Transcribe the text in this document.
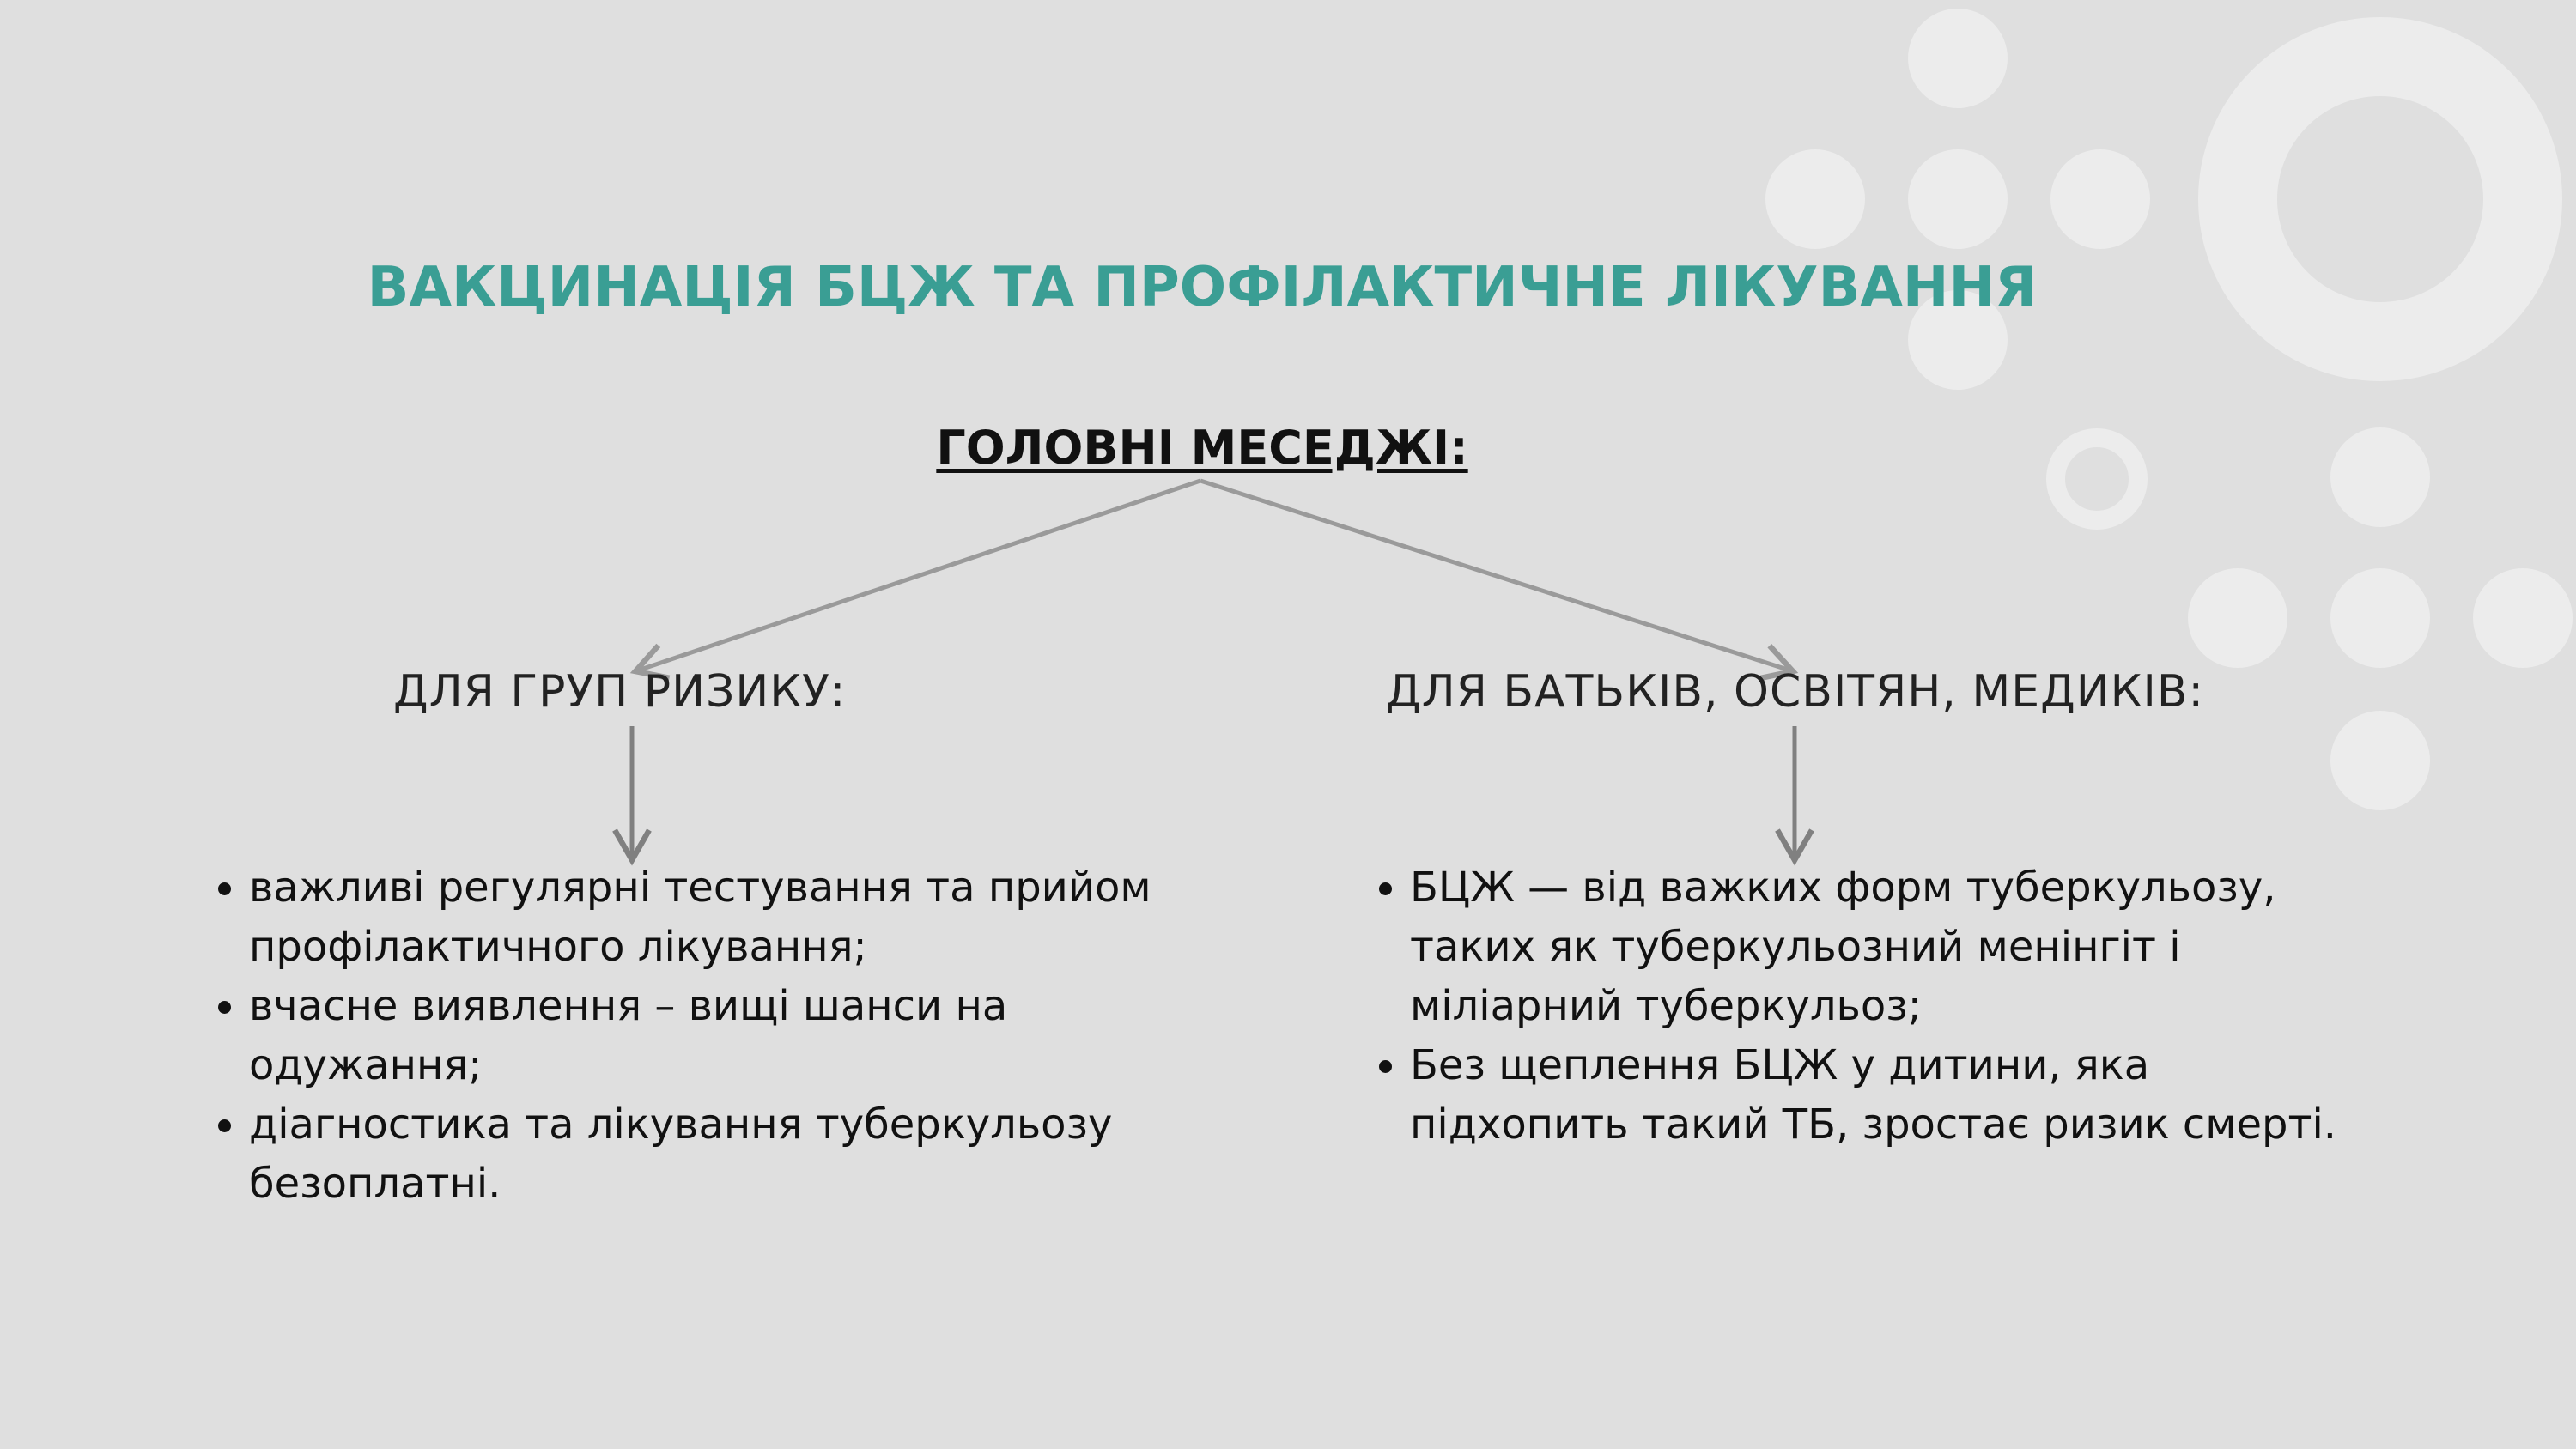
ВАКЦИНАЦІЯ БЦЖ ТА ПРОФІЛАКТИЧНЕ ЛІКУВАННЯ
ГОЛОВНІ МЕСЕДЖІ:
ДЛЯ ГРУП РИЗИКУ:	ДЛЯ БАТЬКІВ, ОСВІТЯН, МЕДИКІВ:
• важливі регулярні тестування та прийом профілактичного лікування;
• вчасне виявлення – вищі шанси на одужання;
• діагностика та лікування туберкульозу безоплатні.
• БЦЖ — від важких форм туберкульозу, таких як туберкульозний менінгіт і міліарний туберкульоз;
• Без щеплення БЦЖ у дитини, яка підхопить такий ТБ, зростає ризик смерті.
